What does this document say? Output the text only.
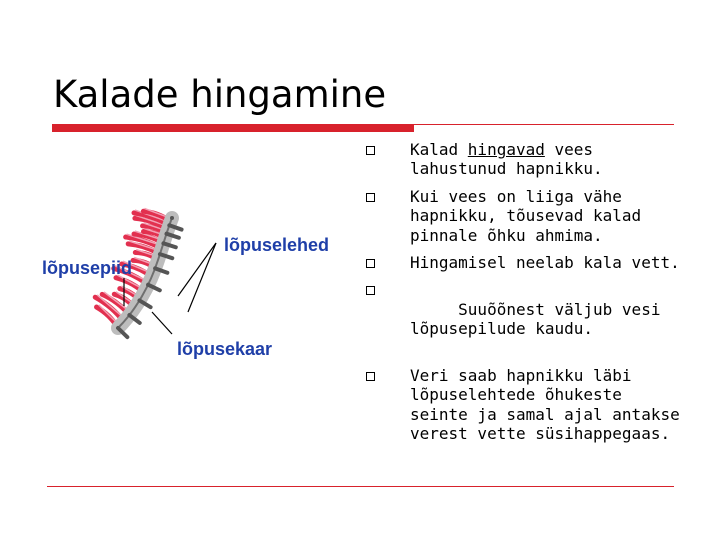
Kalade hingamine
Kalad hingavad vees lahustunud hapnikku.
Kui vees on liiga vähe hapnikku, tõusevad kalad pinnale õhku ahmima.
Hingamisel neelab kala vett.

Suuõõnest väljub vesi lõpusepilude kaudu.

Veri saab hapnikku läbi lõpuselehtede õhukeste seinte ja samal ajal antakse verest vette süsihappegaas.
lõpuselehed
lõpusepiid
lõpusekaar
